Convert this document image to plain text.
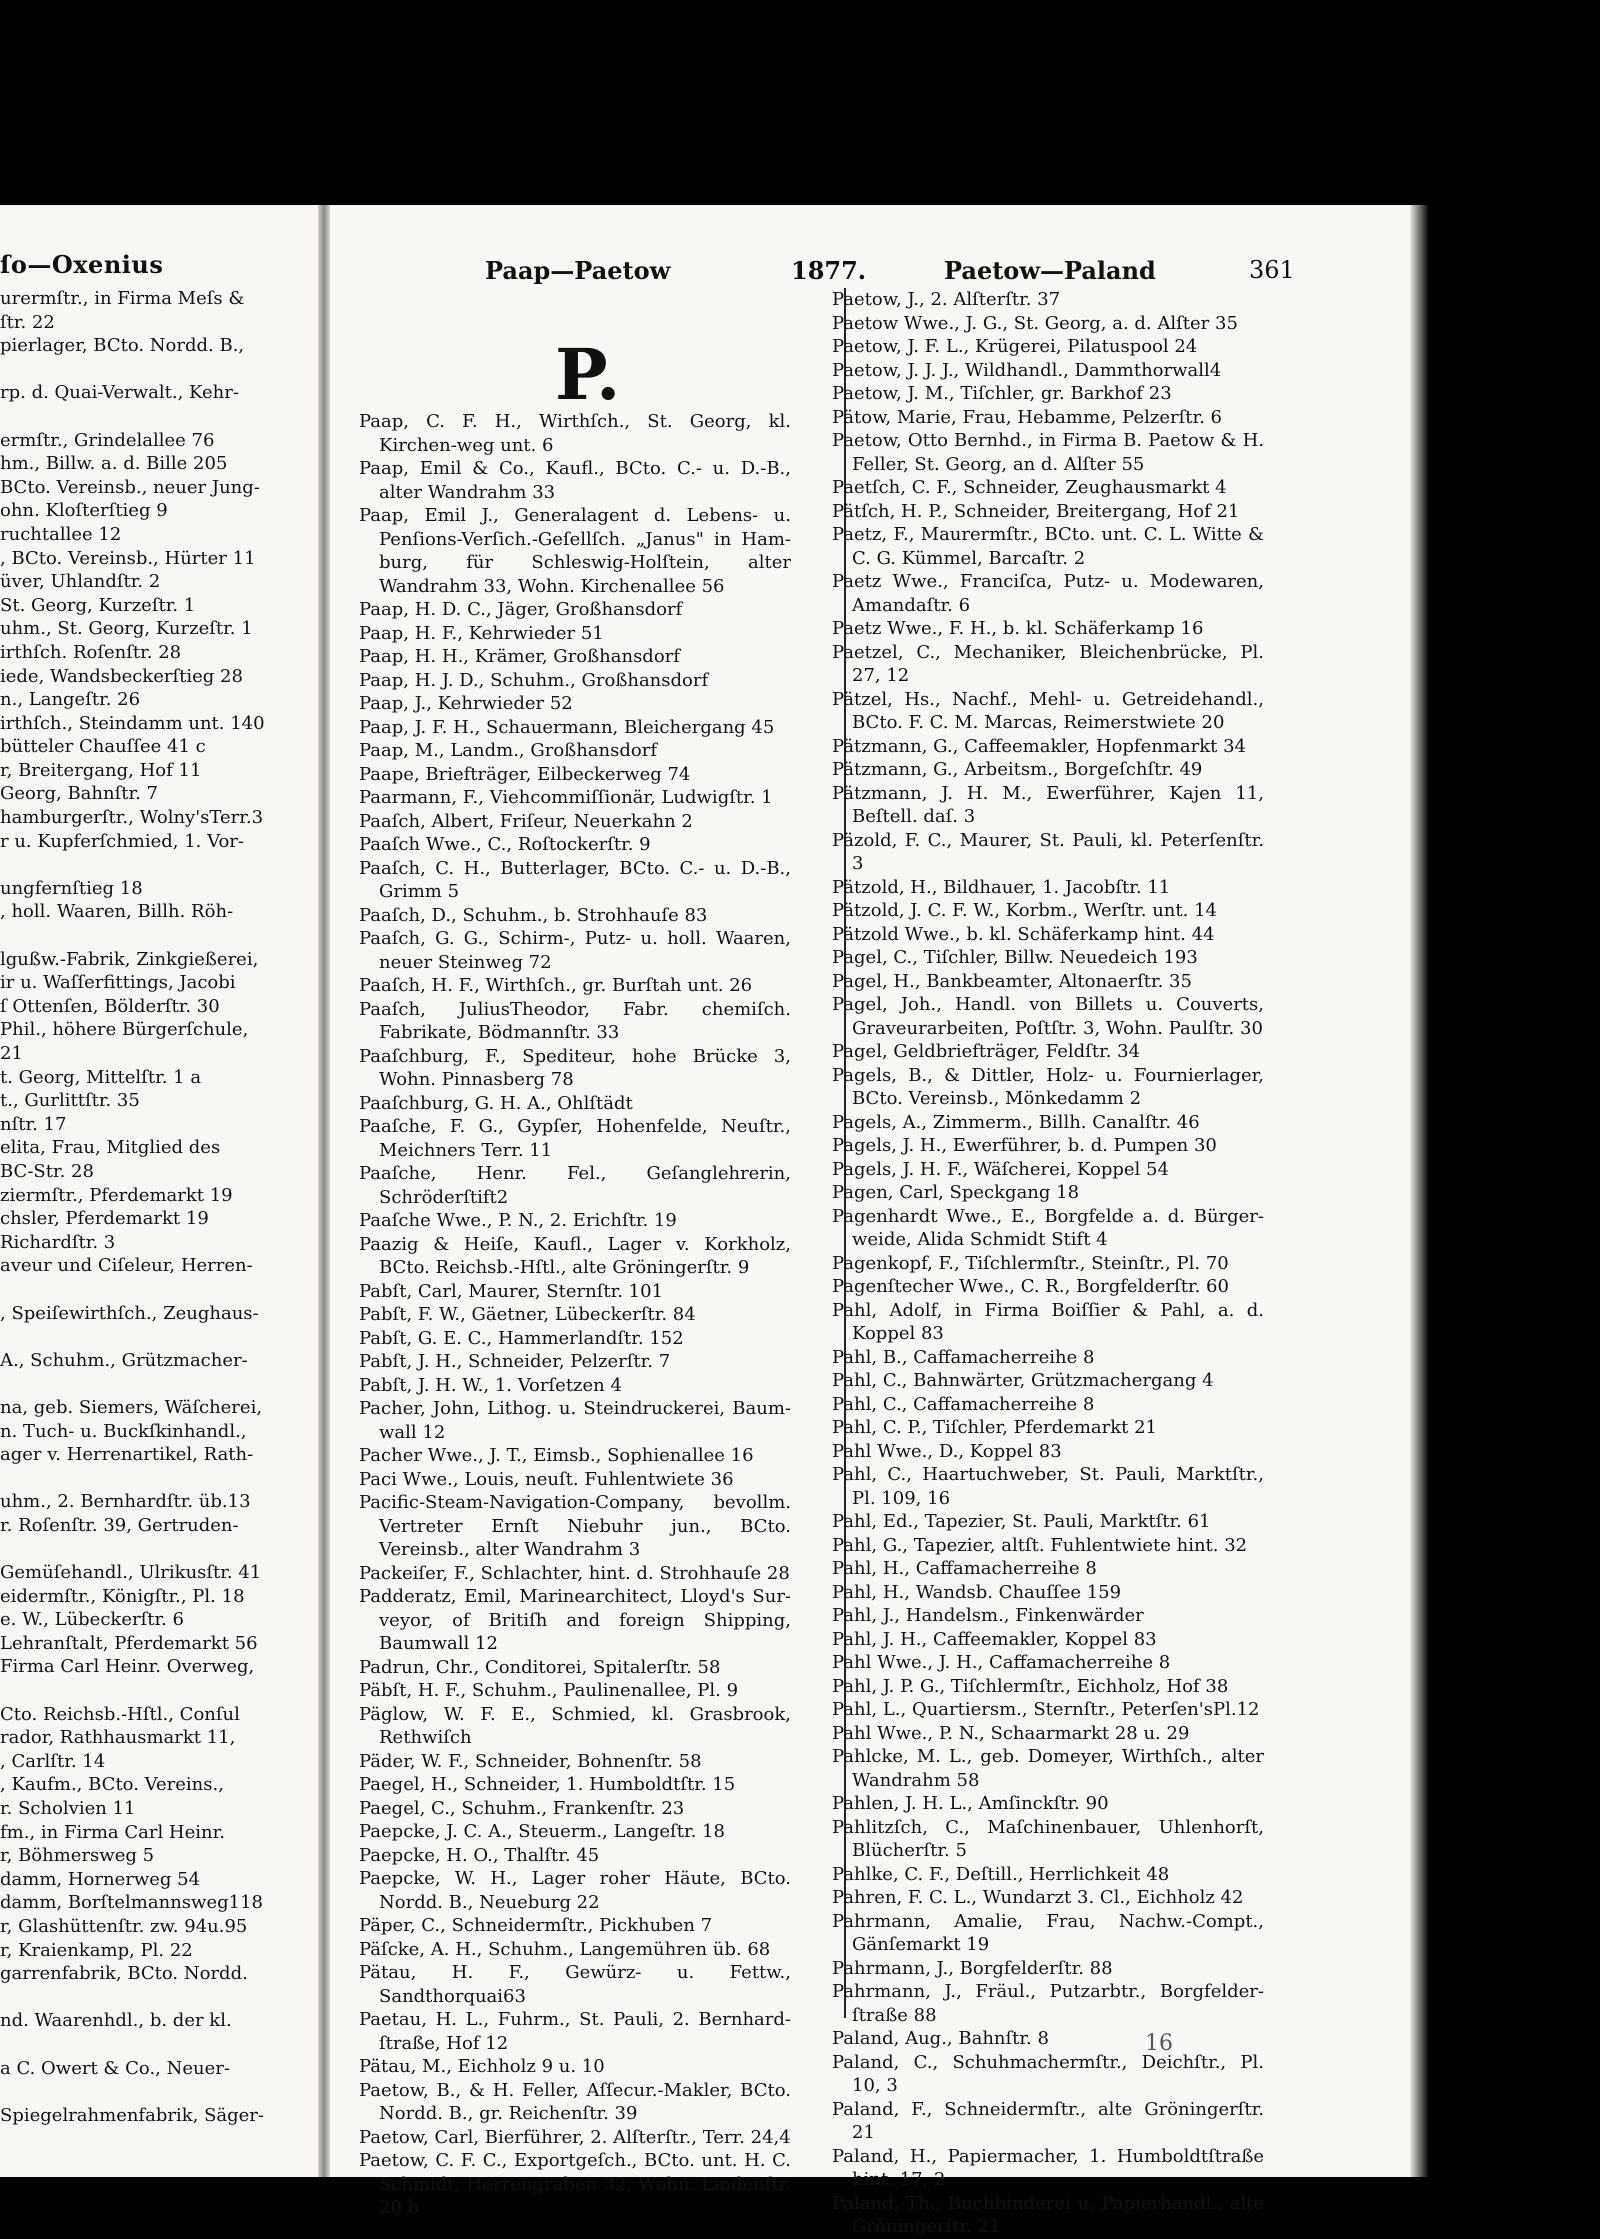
ſo—Oxenius
urermſtr., in Firma Meſs &
ſtr. 22
pierlager, BCto. Nordd. B.,

rp. d. Quai-Verwalt., Kehr-

ermſtr., Grindelallee 76
hm., Billw. a. d. Bille 205
BCto. Vereinsb., neuer Jung-
ohn. Kloſterſtieg 9
ruchtallee 12
, BCto. Vereinsb., Hürter 11
üver, Uhlandſtr. 2
St. Georg, Kurzeſtr. 1
uhm., St. Georg, Kurzeſtr. 1
irthſch. Roſenſtr. 28
iede, Wandsbeckerſtieg 28
n., Langeſtr. 26
irthſch., Steindamm unt. 140
bütteler Chauſſee 41 c
r, Breitergang, Hof 11
Georg, Bahnſtr. 7
hamburgerſtr., Wolny'sTerr.3
r u. Kupferſchmied, 1. Vor-

ungfernſtieg 18
, holl. Waaren, Billh. Röh-

lgußw.-Fabrik, Zinkgießerei,
ir u. Waſſerfittings, Jacobi
ſ Ottenſen, Bölderſtr. 30
Phil., höhere Bürgerſchule,
21
t. Georg, Mittelſtr. 1 a
t., Gurlittſtr. 35
nſtr. 17
elita, Frau, Mitglied des
BC-Str. 28
ziermſtr., Pferdemarkt 19
chsler, Pferdemarkt 19
Richardſtr. 3
aveur und Ciſeleur, Herren-

, Speiſewirthſch., Zeughaus-

A., Schuhm., Grützmacher-

na, geb. Siemers, Wäſcherei,
n. Tuch- u. Buckſkinhandl.,
ager v. Herrenartikel, Rath-

uhm., 2. Bernhardſtr. üb.13
r. Roſenſtr. 39, Gertruden-

Gemüſehandl., Ulrikusſtr. 41
eidermſtr., Königſtr., Pl. 18
e. W., Lübeckerſtr. 6
Lehranſtalt, Pferdemarkt 56
Firma Carl Heinr. Overweg,

Cto. Reichsb.-Hſtl., Conſul
rador, Rathhausmarkt 11,
, Carlſtr. 14
, Kaufm., BCto. Vereins.,
r. Scholvien 11
fm., in Firma Carl Heinr.
r, Böhmersweg 5
damm, Hornerweg 54
damm, Borſtelmannsweg118
r, Glashüttenſtr. zw. 94u.95
r, Kraienkamp, Pl. 22
garrenfabrik, BCto. Nordd.

nd. Waarenhdl., b. der kl.

a C. Owert & Co., Neuer-

Spiegelrahmenfabrik, Säger-
Paap—Paetow	1877.	Paetow—Paland	361
P.
Paap, C. F. H., Wirthſch., St. Georg, kl. Kirchen-weg unt. 6
Paap, Emil & Co., Kaufl., BCto. C.- u. D.-B., alter Wandrahm 33
Paap, Emil J., Generalagent d. Lebens- u. Penſions-Verſich.-Geſellſch. „Janus" in Ham-burg, für Schleswig-Holſtein, alter Wandrahm 33, Wohn. Kirchenallee 56
Paap, H. D. C., Jäger, Großhansdorf
Paap, H. F., Kehrwieder 51
Paap, H. H., Krämer, Großhansdorf
Paap, H. J. D., Schuhm., Großhansdorf
Paap, J., Kehrwieder 52
Paap, J. F. H., Schauermann, Bleichergang 45
Paap, M., Landm., Großhansdorf
Paape, Briefträger, Eilbeckerweg 74
Paarmann, F., Viehcommiſſionär, Ludwigſtr. 1
Paaſch, Albert, Friſeur, Neuerkahn 2
Paaſch Wwe., C., Roſtockerſtr. 9
Paaſch, C. H., Butterlager, BCto. C.- u. D.-B., Grimm 5
Paaſch, D., Schuhm., b. Strohhauſe 83
Paaſch, G. G., Schirm-, Putz- u. holl. Waaren, neuer Steinweg 72
Paaſch, H. F., Wirthſch., gr. Burſtah unt. 26
Paaſch, JuliusTheodor, Fabr. chemiſch. Fabrikate, Bödmannſtr. 33
Paaſchburg, F., Spediteur, hohe Brücke 3, Wohn. Pinnasberg 78
Paaſchburg, G. H. A., Ohlſtädt
Paaſche, F. G., Gypſer, Hohenfelde, Neuſtr., Meichners Terr. 11
Paaſche, Henr. Fel., Geſanglehrerin, Schröderſtift2
Paaſche Wwe., P. N., 2. Erichſtr. 19
Paazig & Heiſe, Kaufl., Lager v. Korkholz, BCto. Reichsb.-Hſtl., alte Gröningerſtr. 9
Pabſt, Carl, Maurer, Sternſtr. 101
Pabſt, F. W., Gäetner, Lübeckerſtr. 84
Pabſt, G. E. C., Hammerlandſtr. 152
Pabſt, J. H., Schneider, Pelzerſtr. 7
Pabſt, J. H. W., 1. Vorſetzen 4
Pacher, John, Lithog. u. Steindruckerei, Baum-wall 12
Pacher Wwe., J. T., Eimsb., Sophienallee 16
Paci Wwe., Louis, neuſt. Fuhlentwiete 36
Pacific-Steam-Navigation-Company, bevollm. Vertreter Ernſt Niebuhr jun., BCto. Vereinsb., alter Wandrahm 3
Packeiſer, F., Schlachter, hint. d. Strohhauſe 28
Padderatz, Emil, Marinearchitect, Lloyd's Sur-veyor, of Britiſh and foreign Shipping, Baumwall 12
Padrun, Chr., Conditorei, Spitalerſtr. 58
Päbſt, H. F., Schuhm., Paulinenallee, Pl. 9
Päglow, W. F. E., Schmied, kl. Grasbrook, Rethwiſch
Päder, W. F., Schneider, Bohnenſtr. 58
Paegel, H., Schneider, 1. Humboldtſtr. 15
Paegel, C., Schuhm., Frankenſtr. 23
Paepcke, J. C. A., Steuerm., Langeſtr. 18
Paepcke, H. O., Thalſtr. 45
Paepcke, W. H., Lager roher Häute, BCto. Nordd. B., Neueburg 22
Päper, C., Schneidermſtr., Pickhuben 7
Päſcke, A. H., Schuhm., Langemühren üb. 68
Pätau, H. F., Gewürz- u. Fettw., Sandthorquai63
Paetau, H. L., Fuhrm., St. Pauli, 2. Bernhard-ſtraße, Hof 12
Pätau, M., Eichholz 9 u. 10
Paetow, B., & H. Feller, Aſſecur.-Makler, BCto. Nordd. B., gr. Reichenſtr. 39
Paetow, Carl, Bierführer, 2. Alſterſtr., Terr. 24,4
Paetow, C. F. C., Exportgeſch., BCto. unt. H. C. Schmidt, Herrengraben 32, Wohn. Lindenſtr. 20 b
Paetow, J., 2. Alſterſtr. 37
Paetow Wwe., J. G., St. Georg, a. d. Alſter 35
Paetow, J. F. L., Krügerei, Pilatuspool 24
Paetow, J. J. J., Wildhandl., Dammthorwall4
Paetow, J. M., Tiſchler, gr. Barkhof 23
Pätow, Marie, Frau, Hebamme, Pelzerſtr. 6
Paetow, Otto Bernhd., in Firma B. Paetow & H. Feller, St. Georg, an d. Alſter 55
Paetſch, C. F., Schneider, Zeughausmarkt 4
Pätſch, H. P., Schneider, Breitergang, Hof 21
Paetz, F., Maurermſtr., BCto. unt. C. L. Witte & C. G. Kümmel, Barcaſtr. 2
Paetz Wwe., Franciſca, Putz- u. Modewaren, Amandaſtr. 6
Paetz Wwe., F. H., b. kl. Schäferkamp 16
Paetzel, C., Mechaniker, Bleichenbrücke, Pl. 27, 12
Pätzel, Hs., Nachf., Mehl- u. Getreidehandl., BCto. F. C. M. Marcas, Reimerstwiete 20
Pätzmann, G., Caffeemakler, Hopfenmarkt 34
Pätzmann, G., Arbeitsm., Borgeſchſtr. 49
Pätzmann, J. H. M., Ewerführer, Kajen 11, Beſtell. daſ. 3
Päzold, F. C., Maurer, St. Pauli, kl. Peterſenſtr. 3
Pätzold, H., Bildhauer, 1. Jacobſtr. 11
Pätzold, J. C. F. W., Korbm., Werſtr. unt. 14
Pätzold Wwe., b. kl. Schäferkamp hint. 44
Pagel, C., Tiſchler, Billw. Neuedeich 193
Pagel, H., Bankbeamter, Altonaerſtr. 35
Pagel, Joh., Handl. von Billets u. Couverts, Graveurarbeiten, Poſtſtr. 3, Wohn. Paulſtr. 30
Pagel, Geldbriefträger, Feldſtr. 34
Pagels, B., & Dittler, Holz- u. Fournierlager, BCto. Vereinsb., Mönkedamm 2
Pagels, A., Zimmerm., Billh. Canalſtr. 46
Pagels, J. H., Ewerführer, b. d. Pumpen 30
Pagels, J. H. F., Wäſcherei, Koppel 54
Pagen, Carl, Speckgang 18
Pagenhardt Wwe., E., Borgfelde a. d. Bürger-weide, Alida Schmidt Stift 4
Pagenkopf, F., Tiſchlermſtr., Steinſtr., Pl. 70
Pagenſtecher Wwe., C. R., Borgfelderſtr. 60
Pahl, Adolf, in Firma Boiſſier & Pahl, a. d. Koppel 83
Pahl, B., Caffamacherreihe 8
Pahl, C., Bahnwärter, Grützmachergang 4
Pahl, C., Caffamacherreihe 8
Pahl, C. P., Tiſchler, Pferdemarkt 21
Pahl Wwe., D., Koppel 83
Pahl, C., Haartuchweber, St. Pauli, Marktſtr., Pl. 109, 16
Pahl, Ed., Tapezier, St. Pauli, Marktſtr. 61
Pahl, G., Tapezier, altſt. Fuhlentwiete hint. 32
Pahl, H., Caffamacherreihe 8
Pahl, H., Wandsb. Chauſſee 159
Pahl, J., Handelsm., Finkenwärder
Pahl, J. H., Caffeemakler, Koppel 83
Pahl Wwe., J. H., Caffamacherreihe 8
Pahl, J. P. G., Tiſchlermſtr., Eichholz, Hof 38
Pahl, L., Quartiersm., Sternſtr., Peterſen'sPl.12
Pahl Wwe., P. N., Schaarmarkt 28 u. 29
Pahlcke, M. L., geb. Domeyer, Wirthſch., alter Wandrahm 58
Pahlen, J. H. L., Amſinckſtr. 90
Pahlitzſch, C., Maſchinenbauer, Uhlenhorſt, Blücherſtr. 5
Pahlke, C. F., Deſtill., Herrlichkeit 48
Pahren, F. C. L., Wundarzt 3. Cl., Eichholz 42
Pahrmann, Amalie, Frau, Nachw.-Compt., Gänſemarkt 19
Pahrmann, J., Borgfelderſtr. 88
Pahrmann, J., Fräul., Putzarbtr., Borgfelder-ſtraße 88
Paland, Aug., Bahnſtr. 8
Paland, C., Schuhmachermſtr., Deichſtr., Pl. 10, 3
Paland, F., Schneidermſtr., alte Gröningerſtr. 21
Paland, H., Papiermacher, 1. Humboldtſtraße hint. 17, 2
Paland, Th., Buchbinderei u. Papierhandl., alte Gröningerſtr. 21
16
